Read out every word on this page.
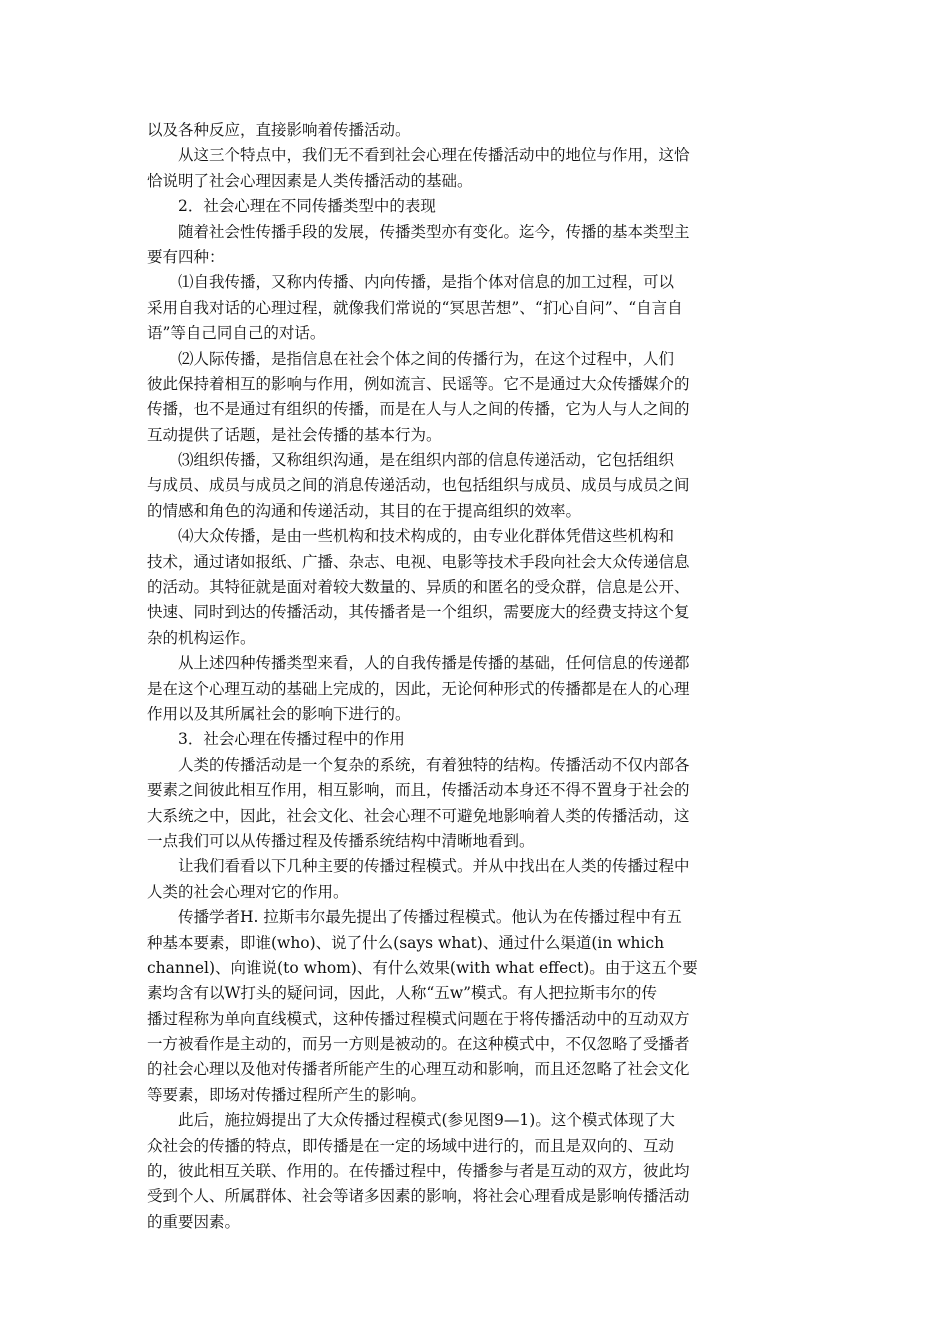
以及各种反应，直接影响着传播活动。
从这三个特点中，我们无不看到社会心理在传播活动中的地位与作用，这恰
恰说明了社会心理因素是人类传播活动的基础。
2．社会心理在不同传播类型中的表现
随着社会性传播手段的发展，传播类型亦有变化。迄今，传播的基本类型主
要有四种：
⑴自我传播，又称内传播、内向传播，是指个体对信息的加工过程，可以
采用自我对话的心理过程，就像我们常说的“冥思苦想”、“扪心自问”、“自言自
语”等自己同自己的对话。
⑵人际传播，是指信息在社会个体之间的传播行为，在这个过程中，人们
彼此保持着相互的影响与作用，例如流言、民谣等。它不是通过大众传播媒介的
传播，也不是通过有组织的传播，而是在人与人之间的传播，它为人与人之间的
互动提供了话题，是社会传播的基本行为。
⑶组织传播，又称组织沟通，是在组织内部的信息传递活动，它包括组织
与成员、成员与成员之间的消息传递活动，也包括组织与成员、成员与成员之间
的情感和角色的沟通和传递活动，其目的在于提高组织的效率。
⑷大众传播，是由一些机构和技术构成的，由专业化群体凭借这些机构和
技术，通过诸如报纸、广播、杂志、电视、电影等技术手段向社会大众传递信息
的活动。其特征就是面对着较大数量的、异质的和匿名的受众群，信息是公开、
快速、同时到达的传播活动，其传播者是一个组织，需要庞大的经费支持这个复
杂的机构运作。
从上述四种传播类型来看，人的自我传播是传播的基础，任何信息的传递都
是在这个心理互动的基础上完成的，因此，无论何种形式的传播都是在人的心理
作用以及其所属社会的影响下进行的。
3．社会心理在传播过程中的作用
人类的传播活动是一个复杂的系统，有着独特的结构。传播活动不仅内部各
要素之间彼此相互作用，相互影响，而且，传播活动本身还不得不置身于社会的
大系统之中，因此，社会文化、社会心理不可避免地影响着人类的传播活动，这
一点我们可以从传播过程及传播系统结构中清晰地看到。
让我们看看以下几种主要的传播过程模式。并从中找出在人类的传播过程中
人类的社会心理对它的作用。
传播学者H. 拉斯韦尔最先提出了传播过程模式。他认为在传播过程中有五
种基本要素，即谁(who)、说了什么(says what)、通过什么渠道(in which
channel)、向谁说(to whom)、有什么效果(with what effect)。由于这五个要
素均含有以W打头的疑问词，因此，人称“五w”模式。有人把拉斯韦尔的传
播过程称为单向直线模式，这种传播过程模式问题在于将传播活动中的互动双方
一方被看作是主动的，而另一方则是被动的。在这种模式中，不仅忽略了受播者
的社会心理以及他对传播者所能产生的心理互动和影响，而且还忽略了社会文化
等要素，即场对传播过程所产生的影响。
此后，施拉姆提出了大众传播过程模式(参见图9—1)。这个模式体现了大
众社会的传播的特点，即传播是在一定的场域中进行的，而且是双向的、互动
的，彼此相互关联、作用的。在传播过程中，传播参与者是互动的双方，彼此均
受到个人、所属群体、社会等诸多因素的影响，将社会心理看成是影响传播活动
的重要因素。
